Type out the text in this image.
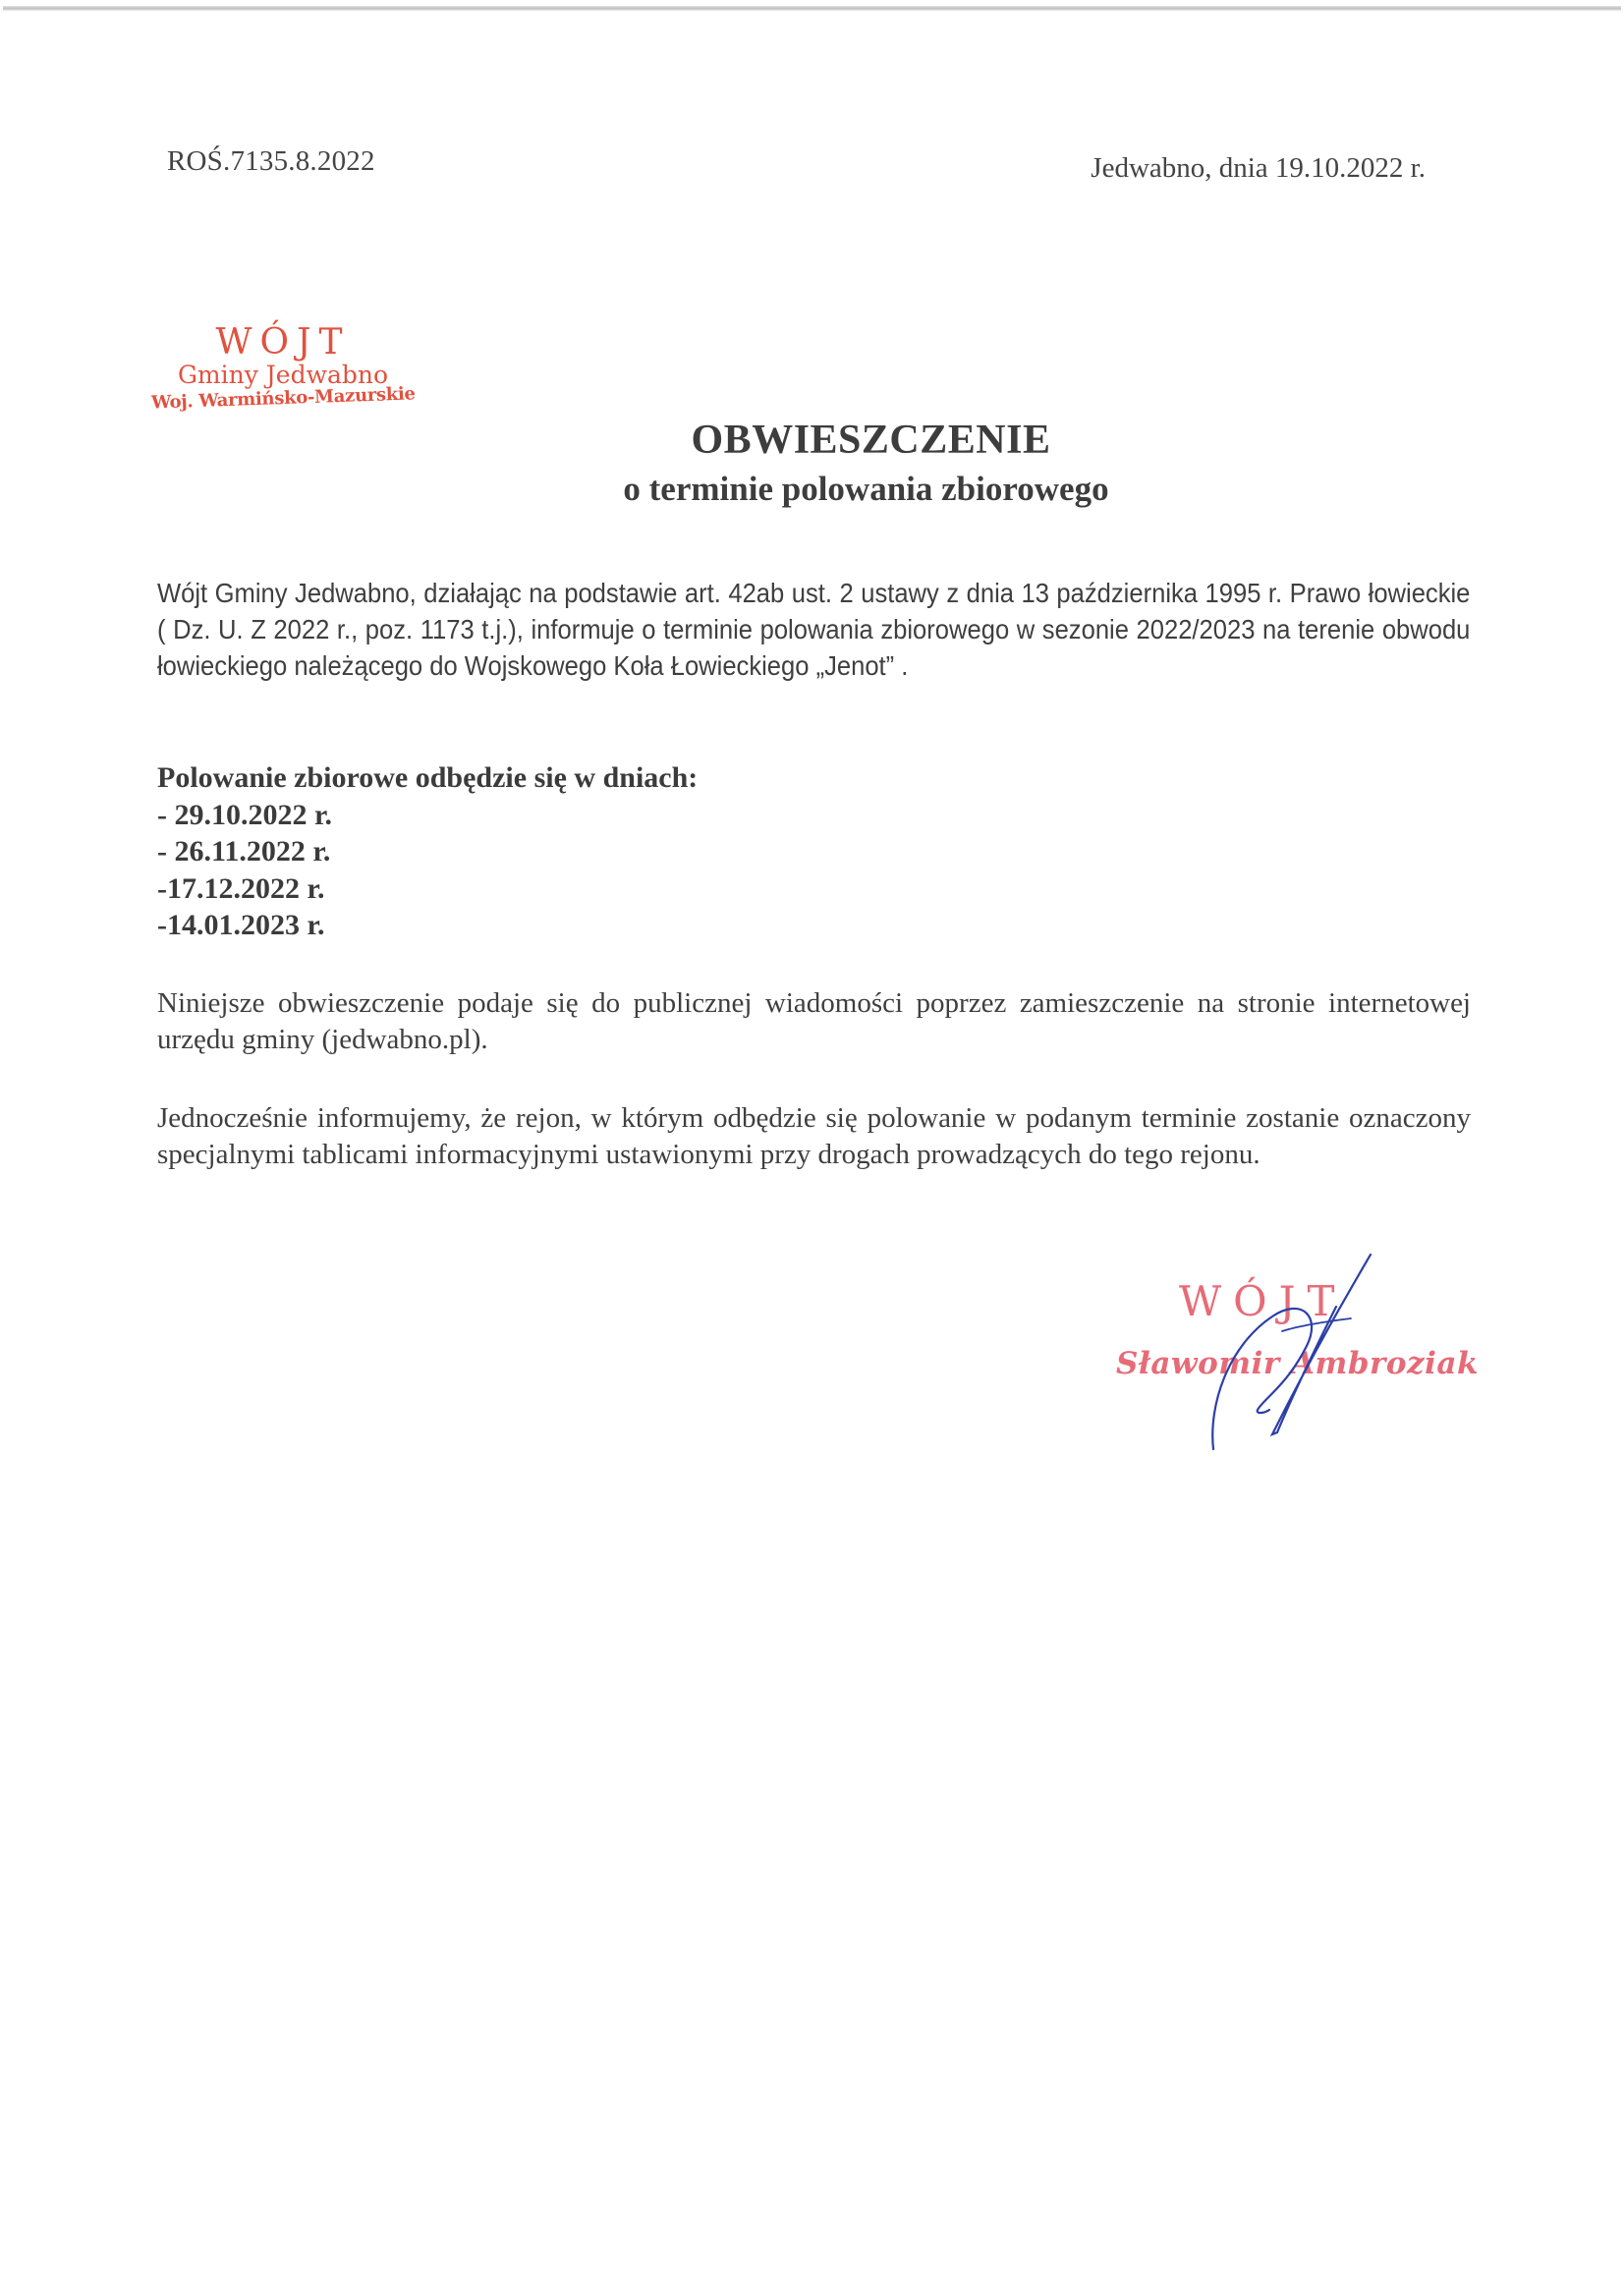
ROŚ.7135.8.2022	Jedwabno, dnia 19.10.2022 r.
WÓJT
Gminy Jedwabno
Woj. Warmińsko-Mazurskie
OBWIESZCZENIE
o terminie polowania zbiorowego

Wójt Gminy Jedwabno, działając na podstawie art. 42ab ust. 2 ustawy z dnia 13 października 1995 r. Prawo łowieckie ( Dz. U. Z 2022 r., poz. 1173 t.j.), informuje o terminie polowania zbiorowego w sezonie 2022/2023 na terenie obwodu łowieckiego należącego do Wojskowego Koła Łowieckiego „Jenot” .

Polowanie zbiorowe odbędzie się w dniach:
- 29.10.2022 r.
- 26.11.2022 r.
-17.12.2022 r.
-14.01.2023 r.

Niniejsze obwieszczenie podaje się do publicznej wiadomości poprzez zamieszczenie na stronie internetowej urzędu gminy (jedwabno.pl).

Jednocześnie informujemy, że rejon, w którym odbędzie się polowanie w podanym terminie zostanie oznaczony specjalnymi tablicami informacyjnymi ustawionymi przy drogach prowadzących do tego rejonu.

WÓJT
Sławomir Ambroziak
